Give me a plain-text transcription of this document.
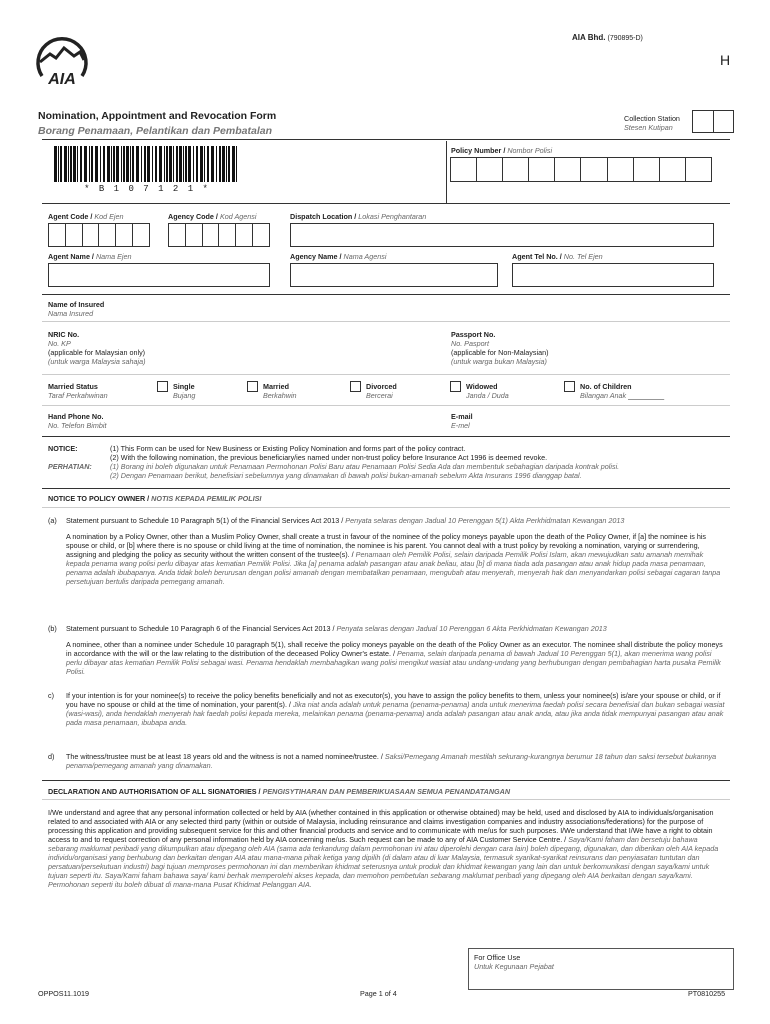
AIA
AIA Bhd. (790895-D)
H
Nomination, Appointment and Revocation Form
Borang Penamaan, Pelantikan dan Pembatalan
Collection Station
Stesen Kutipan
* B 1 0 7 1 2 1 *
Policy Number / Nombor Polisi
Agent Code / Kod Ejen	Agency Code / Kod Agensi	Dispatch Location / Lokasi Penghantaran
Agent Name / Nama Ejen	Agency Name / Nama Agensi	Agent Tel No. / No. Tel Ejen
Name of Insured
Nama Insured
NRIC No.
No. KP
(applicable for Malaysian only)
(untuk warga Malaysia sahaja)
Passport No.
No. Pasport
(applicable for Non-Malaysian)
(untuk warga bukan Malaysia)
Married Status
Taraf Perkahwinan
Single
Bujang
Married
Berkahwin
Divorced
Bercerai
Widowed
Janda / Duda
No. of Children
Bilangan Anak _________
Hand Phone No.
No. Telefon Bimbit
E-mail
E-mel
NOTICE:	(1) This Form can be used for New Business or Existing Policy Nomination and forms part of the policy contract.
(2) With the following nomination, the previous beneficiary/ies named under non-trust policy before Insurance Act 1996 is deemed revoke.
PERHATIAN:	(1) Borang ini boleh digunakan untuk Penamaan Permohonan Polisi Baru atau Penamaan Polisi Sedia Ada dan membentuk sebahagian daripada kontrak polisi.
(2) Dengan Penamaan berikut, benefisiari sebelumnya yang dinamakan di bawah polisi bukan-amanah sebelum Akta Insurans 1996 dianggap batal.
NOTICE TO POLICY OWNER / NOTIS KEPADA PEMILIK POLISI
(a)	Statement pursuant to Schedule 10 Paragraph 5(1) of the Financial Services Act 2013 / Penyata selaras dengan Jadual 10 Perenggan 5(1) Akta Perkhidmatan Kewangan 2013

A nomination by a Policy Owner, other than a Muslim Policy Owner, shall create a trust in favour of the nominee of the policy moneys payable upon the death of the Policy Owner, if [a] the nominee is his spouse or child, or [b] where there is no spouse or child living at the time of nomination, the nominee is his parent. You cannot deal with a trust policy by revoking a nomination, varying or surrendering, assigning and pledging the policy as security without the written consent of the trustee(s). / Penamaan oleh Pemilik Polisi, selain daripada Pemilik Polisi Islam, akan mewujudkan satu amanah memihak kepada penama wang polisi perlu dibayar atas kematian Pemilik Polisi. Jika [a] penama adalah pasangan atau anak beliau, atau [b] di mana tiada ada pasangan atau anak hidup pada masa penamaan, penama adalah ibubapanya. Anda tidak boleh berurusan dengan polisi amanah dengan membatalkan penamaan, mengubah atau menyerah, menyerah hak dan menyandarkan polisi sebagai cagaran tanpa persetujuan bertulis daripada pemegang amanah.

(b)	Statement pursuant to Schedule 10 Paragraph 6 of the Financial Services Act 2013 / Penyata selaras dengan Jadual 10 Perenggan 6 Akta Perkhidmatan Kewangan 2013

A nominee, other than a nominee under Schedule 10 paragraph 5(1), shall receive the policy moneys payable on the death of the Policy Owner as an executor. The nominee shall distribute the policy moneys in accordance with the will or the law relating to the distribution of the deceased Policy Owner's estate. / Penama, selain daripada penama di bawah Jadual 10 Perenggan 5(1), akan menerima wang polisi perlu dibayar atas kematian Pemilik Polisi sebagai wasi. Penama hendaklah membahagikan wang polisi mengikut wasiat atau undang-undang yang berhubungan dengan pembahagian harta pusaka Pemilik Polisi.

c)	If your intention is for your nominee(s) to receive the policy benefits beneficially and not as executor(s), you have to assign the policy benefits to them, unless your nominee(s) is/are your spouse or child, or if you have no spouse or child at the time of nomination, your parent(s). / Jika niat anda adalah untuk penama (penama-penama) anda untuk menerima faedah polisi secara benefisial dan bukan sebagai wasiat (wasi-wasi), anda hendaklah menyerah hak faedah polisi kepada mereka, melainkan penama (penama-penama) anda adalah pasangan atau anak anda, atau jika anda tidak mempunyai pasangan atau anak pada masa penamaan, ibubapa anda.

d)	The witness/trustee must be at least 18 years old and the witness is not a named nominee/trustee. / Saksi/Pemegang Amanah mestilah sekurang-kurangnya berumur 18 tahun dan saksi tersebut bukannya penama/pemegang amanah yang dinamakan.

DECLARATION AND AUTHORISATION OF ALL SIGNATORIES / PENGISYTIHARAN DAN PEMBERIKUASAAN SEMUA PENANDATANGAN

I/We understand and agree that any personal information collected or held by AIA (whether contained in this application or otherwise obtained) may be held, used and disclosed by AIA to individuals/organisation related to and associated with AIA or any selected third party (within or outside of Malaysia, including reinsurance and claims investigation companies and industry associations/federations) for the purpose of processing this application and providing subsequent service for this and other financial products and service and to communicate with me/us for such purposes. I/We understand that I/We have a right to obtain access to and to request correction of any personal information held by AIA concerning me/us. Such request can be made to any of AIA Customer Service Centre. / Saya/Kami faham dan bersetuju bahawa sebarang maklumat peribadi yang dikumpulkan atau dipegang oleh AIA (sama ada terkandung dalam permohonan ini atau diperolehi dengan cara lain) boleh dipegang, digunakan, dan diberikan oleh AIA kepada individu/organisasi yang berhubung dan berkaitan dengan AIA atau mana-mana pihak ketiga yang dipilih (di dalam atau di luar Malaysia, termasuk syarikat-syarikat reinsurans dan penyiasatan tuntutan dan persatuan/persekutuan industri) bagi tujuan memproses permohonan ini dan memberikan khidmat seterusnya untuk produk dan khidmat kewangan yang lain dan untuk berkomunikasi dengan saya/kami untuk tujuan seperti itu. Saya/Kami faham bahawa saya/ kami berhak memperolehi akses kepada, dan memohon pembetulan sebarang maklumat peribadi yang dipegang oleh AIA berkaitan dengan saya/kami. Permohonan seperti itu boleh dibuat di mana-mana Pusat Khidmat Pelanggan AIA.

For Office Use
Untuk Kegunaan Pejabat
OPPOS11.1019	Page 1 of 4	PT0810255
